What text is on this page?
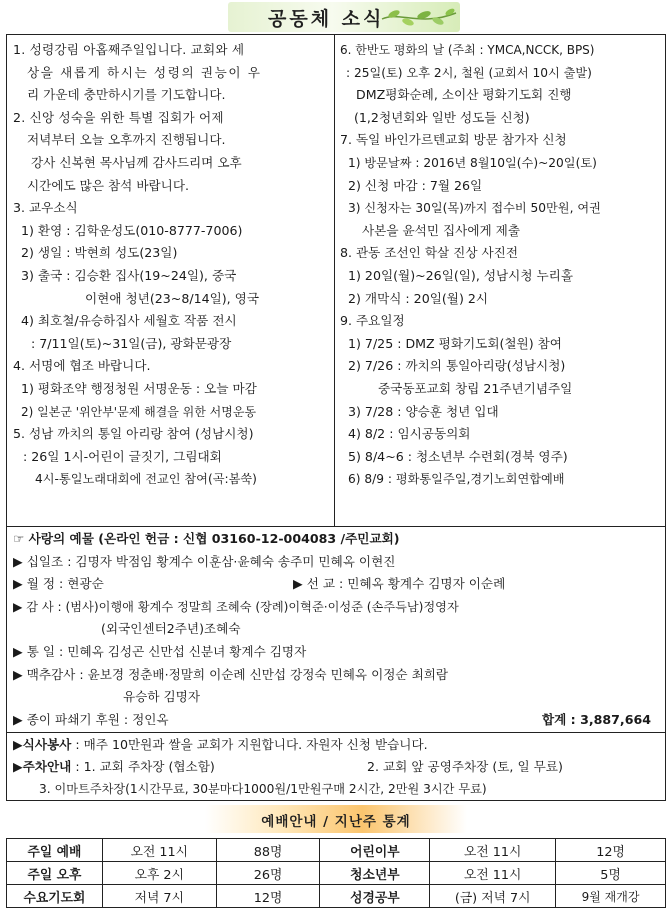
공동체 소식
1. 성령강림 아홉째주일입니다. 교회와 세
상을 새롭게 하시는 성령의 권능이 우
리 가운데 충만하시기를 기도합니다.
2. 신앙 성숙을 위한 특별 집회가 어제
저녁부터 오늘 오후까지 진행됩니다.
강사 신복현 목사님께 감사드리며 오후
시간에도 많은 참석 바랍니다.
3. 교우소식
1) 환영 : 김학운성도(010-8777-7006)
2) 생일 : 박현희 성도(23일)
3) 출국 : 김승환 집사(19~24일), 중국
이현애 청년(23~8/14일), 영국
4) 최호철/유승하집사 세월호 작품 전시
: 7/11일(토)~31일(금), 광화문광장
4. 서명에 협조 바랍니다.
1) 평화조약 행정청원 서명운동 : 오늘 마감
2) 일본군 '위안부'문제 해결을 위한 서명운동
5. 성남 까치의 통일 아리랑 참여 (성남시청)
: 26일 1시-어린이 글짓기, 그림대회
4시-통일노래대회에 전교인 참여(곡:봄쑥)
6. 한반도 평화의 날 (주최 : YMCA,NCCK, BPS)
: 25일(토) 오후 2시, 철원 (교회서 10시 출발)
DMZ평화순례, 소이산 평화기도회 진행
(1,2청년회와 일반 성도들 신청)
7. 독일 바인가르텐교회 방문 참가자 신청
1) 방문날짜 : 2016년 8월10일(수)~20일(토)
2) 신청 마감 : 7월 26일
3) 신청자는 30일(목)까지 접수비 50만원, 여권
사본을 윤석민 집사에게 제출
8. 관동 조선인 학살 진상 사진전
1) 20일(월)~26일(일), 성남시청 누리홀
2) 개막식 : 20일(월) 2시
9. 주요일정
1) 7/25 : DMZ 평화기도회(철원) 참여
2) 7/26 : 까치의 통일아리랑(성남시청)
중국동포교회 창립 21주년기념주일
3) 7/28 : 양승훈 청년 입대
4) 8/2 : 임시공동의회
5) 8/4~6 : 청소년부 수련회(경북 영주)
6) 8/9 : 평화통일주일,경기노회연합예배
☞ 사랑의 예물 (온라인 헌금 : 신협 03160-12-004083 /주민교회)
▶ 십일조 : 김명자 박점임 황계수 이훈삼·윤혜숙 송주미 민혜옥 이현진
▶ 월 정 : 현광순	▶ 선 교 : 민혜옥 황계수 김명자 이순례
▶ 감 사 : (범사)이행애 황계수 정말희 조혜숙 (장례)이혁준·이성준 (손주득남)정영자
(외국인센터2주년)조혜숙
▶ 통 일 : 민혜옥 김성곤 신만섭 신분녀 황계수 김명자
▶ 맥추감사 : 윤보경 정춘배·정말희 이순례 신만섭 강정숙 민혜옥 이정순 최희람
유승하 김명자
▶ 종이 파쇄기 후원 : 정인옥	합계 : 3,887,664
▶식사봉사 : 매주 10만원과 쌀을 교회가 지원합니다. 자원자 신청 받습니다.
▶주차안내 : 1. 교회 주차장 (협소함)	2. 교회 앞 공영주차장 (토, 일 무료)
3. 이마트주차장(1시간무료, 30분마다1000원/1만원구매 2시간, 2만원 3시간 무료)
예배안내 / 지난주 통계
주일 예배	오전 11시	88명	어린이부	오전 11시	12명
주일 오후	오후 2시	26명	청소년부	오전 11시	5명
수요기도회	저녁 7시	12명	성경공부	(금) 저녁 7시	9월 재개강
